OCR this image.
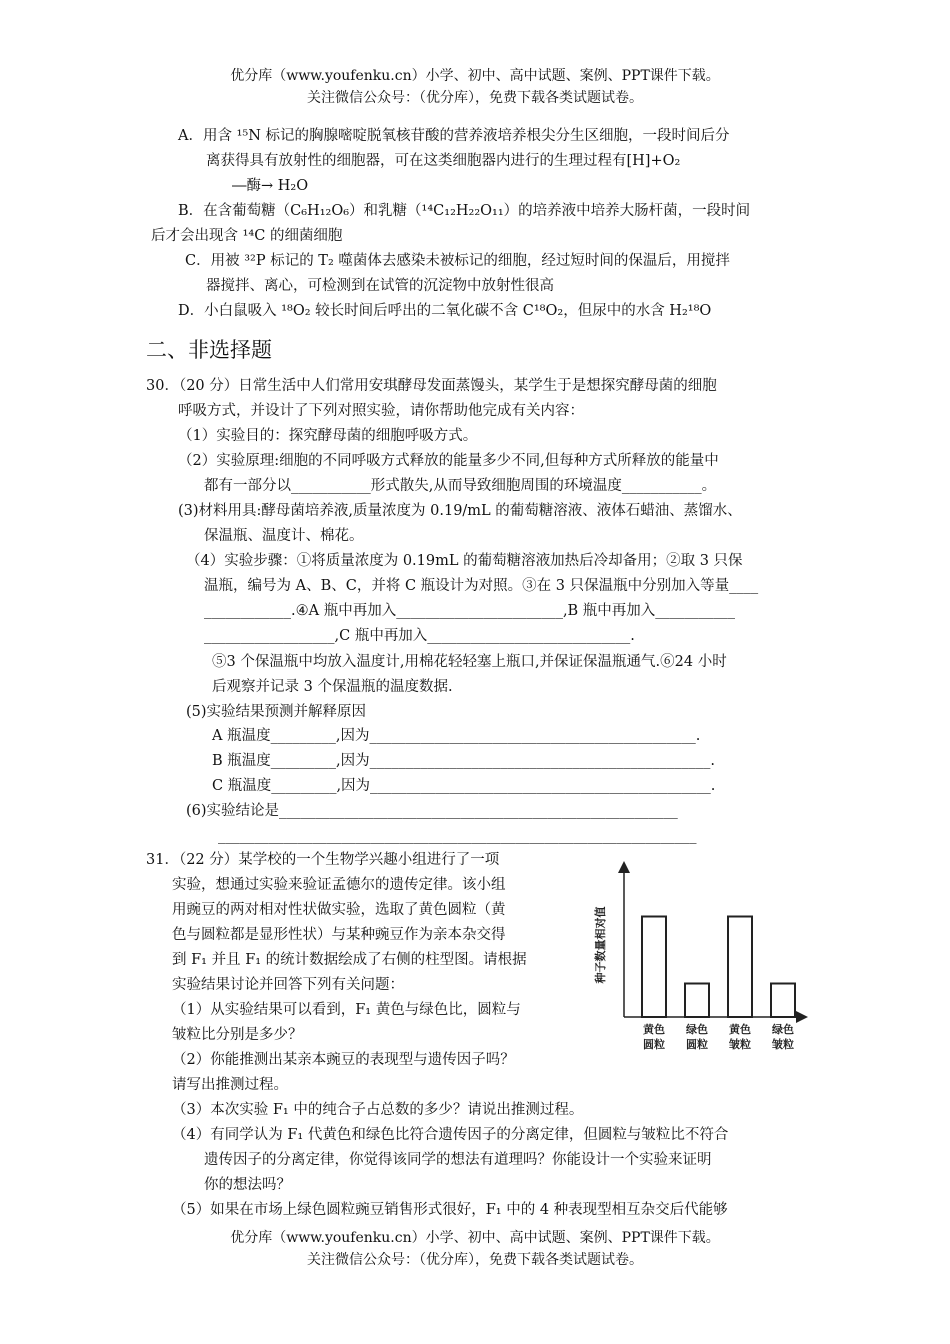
优分库（www.youfenku.cn）小学、初中、高中试题、案例、PPT课件下载。
关注微信公众号：（优分库），免费下载各类试题试卷。
A．用含 ¹⁵N 标记的胸腺嘧啶脱氧核苷酸的营养液培养根尖分生区细胞，一段时间后分
离获得具有放射性的细胞器，可在这类细胞器内进行的生理过程有[H]+O₂
―酶→ H₂O
B．在含葡萄糖（C₆H₁₂O₆）和乳糖（¹⁴C₁₂H₂₂O₁₁）的培养液中培养大肠杆菌，一段时间
后才会出现含 ¹⁴C 的细菌细胞
C．用被 ³²P 标记的 T₂ 噬菌体去感染未被标记的细胞，经过短时间的保温后，用搅拌
器搅拌、离心，可检测到在试管的沉淀物中放射性很高
D．小白鼠吸入 ¹⁸O₂ 较长时间后呼出的二氧化碳不含 C¹⁸O₂，但尿中的水含 H₂¹⁸O
二、非选择题
30．（20 分）日常生活中人们常用安琪酵母发面蒸馒头，某学生于是想探究酵母菌的细胞
呼吸方式，并设计了下列对照实验，请你帮助他完成有关内容：
（1）实验目的：探究酵母菌的细胞呼吸方式。
（2）实验原理:细胞的不同呼吸方式释放的能量多少不同,但每种方式所释放的能量中
都有一部分以___________形式散失,从而导致细胞周围的环境温度___________。
(3)材料用具:酵母菌培养液,质量浓度为 0.19/mL 的葡萄糖溶液、液体石蜡油、蒸馏水、
保温瓶、温度计、棉花。
（4）实验步骤：①将质量浓度为 0.19mL 的葡萄糖溶液加热后冷却备用；②取 3 只保
温瓶，编号为 A、B、C，并将 C 瓶设计为对照。③在 3 只保温瓶中分别加入等量____
____________.④A 瓶中再加入_______________________,B 瓶中再加入___________
__________________,C 瓶中再加入____________________________.
⑤3 个保温瓶中均放入温度计,用棉花轻轻塞上瓶口,并保证保温瓶通气.⑥24 小时
后观察并记录 3 个保温瓶的温度数据.
(5)实验结果预测并解释原因
A 瓶温度_________,因为_____________________________________________.
B 瓶温度_________,因为_______________________________________________.
C 瓶温度_________,因为_______________________________________________.
(6)实验结论是_______________________________________________________
__________________________________________________________________
31．（22 分）某学校的一个生物学兴趣小组进行了一项
实验，想通过实验来验证孟德尔的遗传定律。该小组
用豌豆的两对相对性状做实验，选取了黄色圆粒（黄
色与圆粒都是显形性状）与某种豌豆作为亲本杂交得
到 F₁ 并且 F₁ 的统计数据绘成了右侧的柱型图。请根据
实验结果讨论并回答下列有关问题：
（1）从实验结果可以看到，F₁ 黄色与绿色比，圆粒与
皱粒比分别是多少？
（2）你能推测出某亲本豌豆的表现型与遗传因子吗？
请写出推测过程。
（3）本次实验 F₁ 中的纯合子占总数的多少？请说出推测过程。
（4）有同学认为 F₁ 代黄色和绿色比符合遗传因子的分离定律，但圆粒与皱粒比不符合
遗传因子的分离定律，你觉得该同学的想法有道理吗？你能设计一个实验来证明
你的想法吗？
（5）如果在市场上绿色圆粒豌豆销售形式很好，F₁ 中的 4 种表现型相互杂交后代能够
种子数量相对值
黄色
圆粒
绿色
圆粒
黄色
皱粒
绿色
皱粒
优分库（www.youfenku.cn）小学、初中、高中试题、案例、PPT课件下载。
关注微信公众号：（优分库），免费下载各类试题试卷。
